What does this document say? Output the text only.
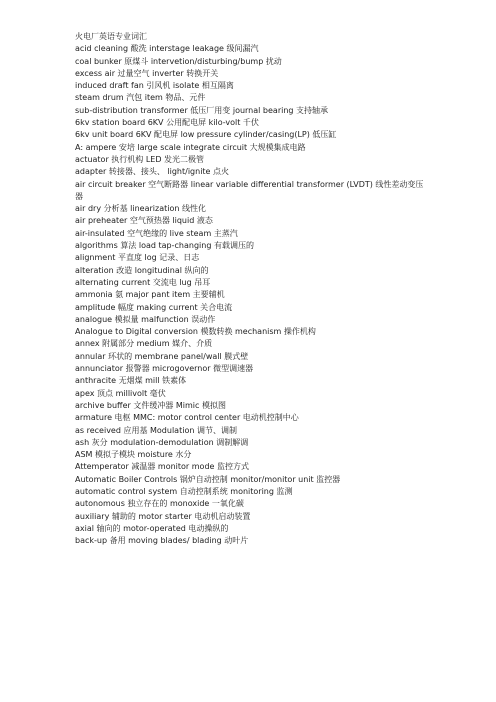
火电厂英语专业词汇
acid cleaning 酸洗 interstage leakage 级间漏汽
coal bunker 原煤斗 intervetion/disturbing/bump 扰动
excess air 过量空气 inverter 转换开关
induced draft fan 引风机 isolate 相互隔离
steam drum 汽包 item 物品、元件
sub-distribution transformer 低压厂用变 journal bearing 支持轴承
6kv station board 6KV 公用配电屏 kilo-volt 千伏
6kv unit board 6KV 配电屏 low pressure cylinder/casing(LP) 低压缸
A: ampere 安培 large scale integrate circuit 大规模集成电路
actuator 执行机构 LED 发光二极管
adapter 转接器、接头、 light/ignite 点火
air circuit breaker 空气断路器 linear variable differential transformer (LVDT) 线性差动变压器
air dry 分析基 linearization 线性化
air preheater 空气预热器 liquid 液态
air-insulated 空气绝缘的 live steam 主蒸汽
algorithms 算法 load tap-changing 有载调压的
alignment 平直度 log 记录、日志
alteration 改造 longitudinal 纵向的
alternating current 交流电 lug 吊耳
ammonia 氨 major pant item 主要辅机
amplitude 幅度 making current 关合电流
analogue 模拟量 malfunction 误动作
Analogue to Digital conversion 模数转换 mechanism 操作机构
annex 附属部分 medium 媒介、介质
annular 环状的 membrane panel/wall 膜式壁
annunciator 报警器 microgovernor 微型调速器
anthracite 无烟煤 mill 铁素体
apex 顶点 millivolt 毫伏
archive buffer 文件缓冲器 Mimic 模拟图
armature 电枢 MMC: motor control center 电动机控制中心
as received 应用基 Modulation 调节、调制
ash 灰分 modulation-demodulation 调制解调
ASM 模拟子模块 moisture 水分
Attemperator 减温器 monitor mode 监控方式
Automatic Boiler Controls 锅炉自动控制 monitor/monitor unit 监控器
automatic control system 自动控制系统 monitoring 监测
autonomous 独立存在的 monoxide 一氧化碳
auxiliary 辅助的 motor starter 电动机启动装置
axial 轴向的 motor-operated 电动操纵的
back-up 备用 moving blades/ blading 动叶片
